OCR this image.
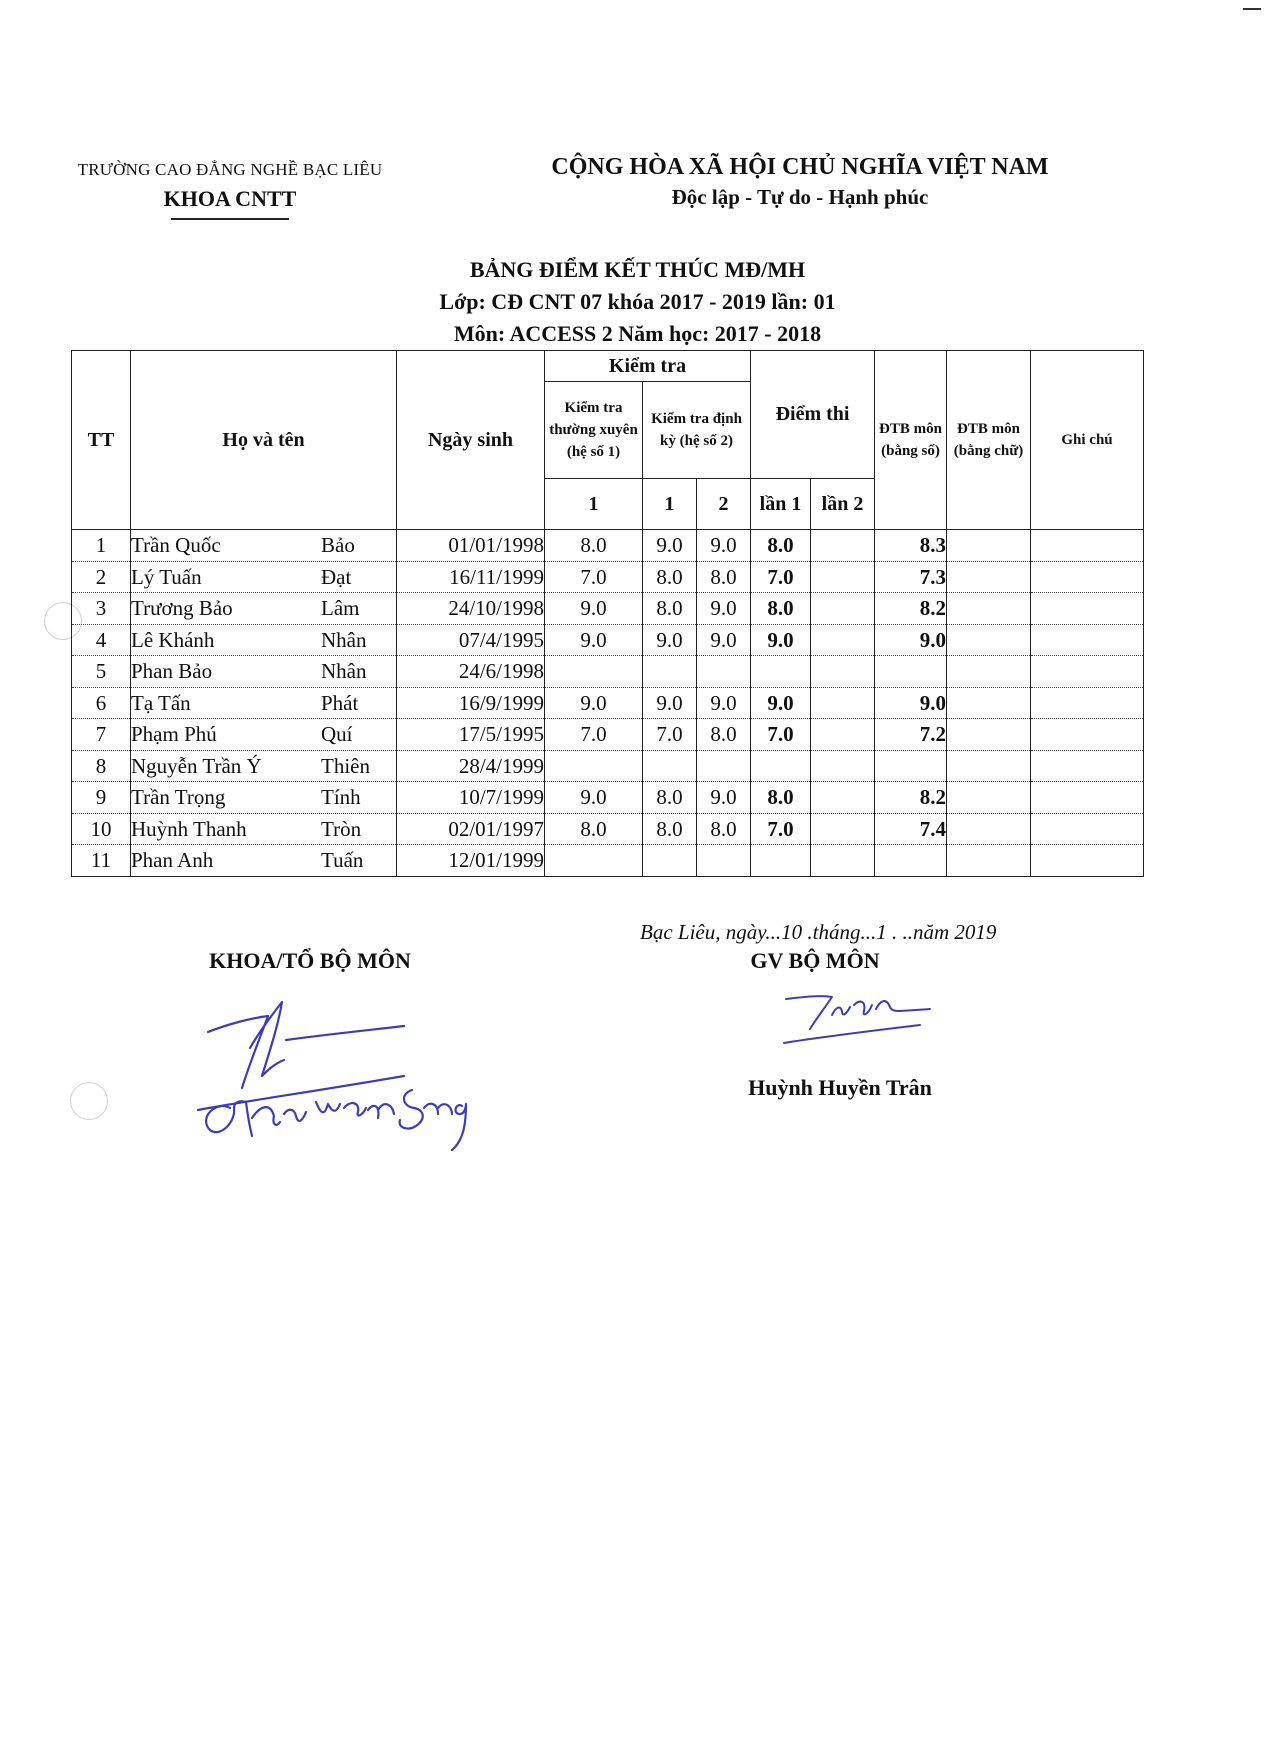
TRƯỜNG CAO ĐẲNG NGHỀ BẠC LIÊU
KHOA CNTT
CỘNG HÒA XÃ HỘI CHỦ NGHĨA VIỆT NAM
Độc lập - Tự do - Hạnh phúc
BẢNG ĐIỂM KẾT THÚC MĐ/MH
Lớp: CĐ CNT 07 khóa 2017 - 2019 lần: 01
Môn: ACCESS 2 Năm học: 2017 - 2018
TT	Họ và tên	Ngày sinh	Kiểm tra			Điểm thi		ĐTB môn (bằng số)	ĐTB môn (bằng chữ)	Ghi chú
			Kiểm tra thường xuyên (hệ số 1)	Kiểm tra định kỳ (hệ số 2)						
			1	1	2	lần 1	lần 2			
1	Trần Quốc Bảo	01/01/1998	8.0	9.0	9.0	8.0		8.3		
2	Lý Tuấn Đạt	16/11/1999	7.0	8.0	8.0	7.0		7.3		
3	Trương Bảo Lâm	24/10/1998	9.0	8.0	9.0	8.0		8.2		
4	Lê Khánh Nhân	07/4/1995	9.0	9.0	9.0	9.0		9.0		
5	Phan Bảo Nhân	24/6/1998								
6	Tạ Tấn Phát	16/9/1999	9.0	9.0	9.0	9.0		9.0		
7	Phạm Phú Quí	17/5/1995	7.0	7.0	8.0	7.0		7.2		
8	Nguyễn Trần Ý Thiên	28/4/1999								
9	Trần Trọng Tính	10/7/1999	9.0	8.0	9.0	8.0		8.2		
10	Huỳnh Thanh Tròn	02/01/1997	8.0	8.0	8.0	7.0		7.4		
11	Phan Anh Tuấn	12/01/1999								
Bạc Liêu, ngày...10 .tháng...1 . ..năm 2019
KHOA/TỔ BỘ MÔN	GV BỘ MÔN
Huỳnh Huyền Trân
